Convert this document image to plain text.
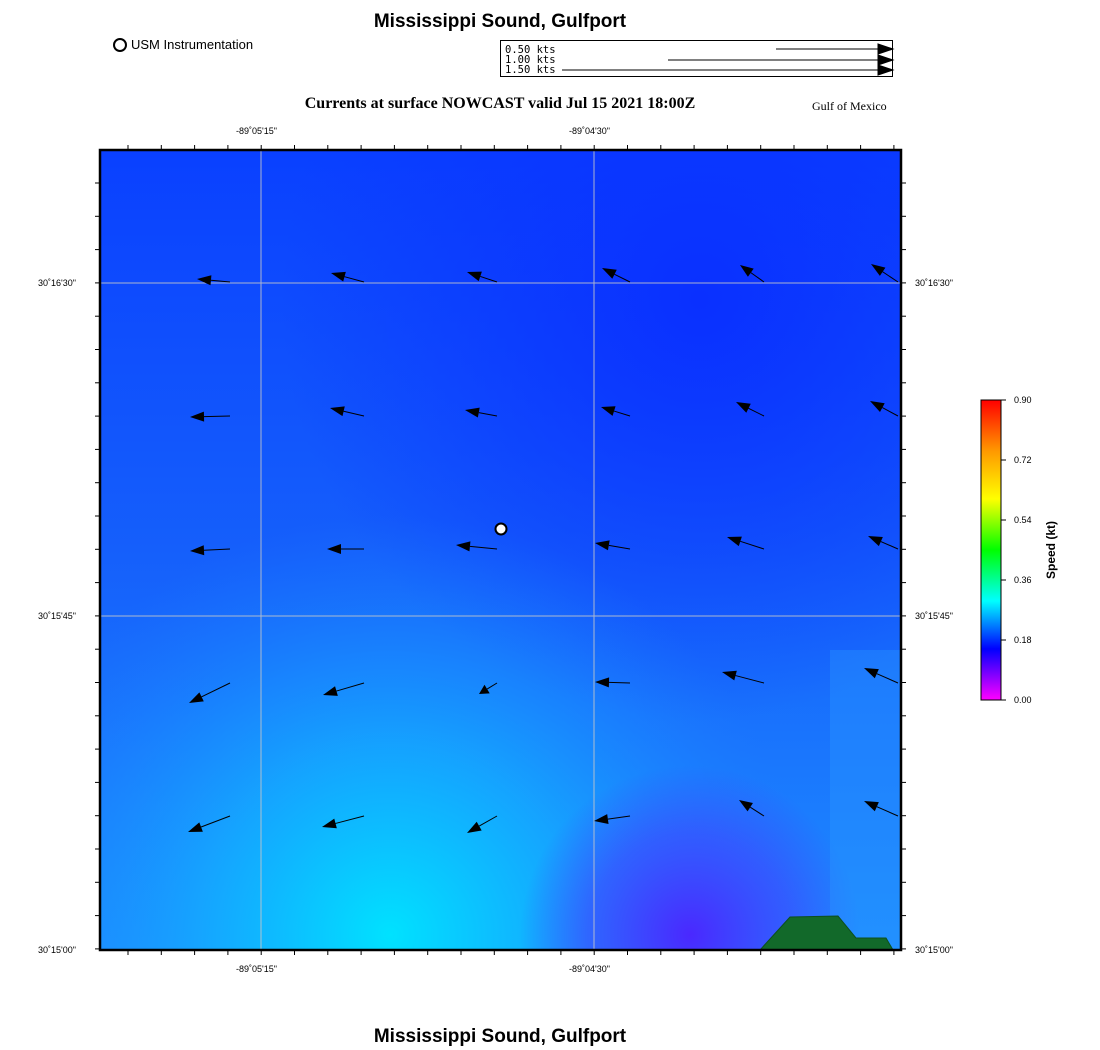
Mississippi Sound, Gulfport
USM Instrumentation	0.50 kts
1.00 kts
1.50 kts
Currents at surface NOWCAST valid Jul 15 2021 18:00Z	Gulf of Mexico
-89˚05'15"	-89˚04'30"
-89˚05'15"	-89˚04'30"
30˚16'30"
30˚15'45"
30˚15'00"
30˚16'30"
30˚15'45"
30˚15'00"
0.90
0.72
0.54
0.36
0.18
0.00
Speed (kt)
Mississippi Sound, Gulfport
